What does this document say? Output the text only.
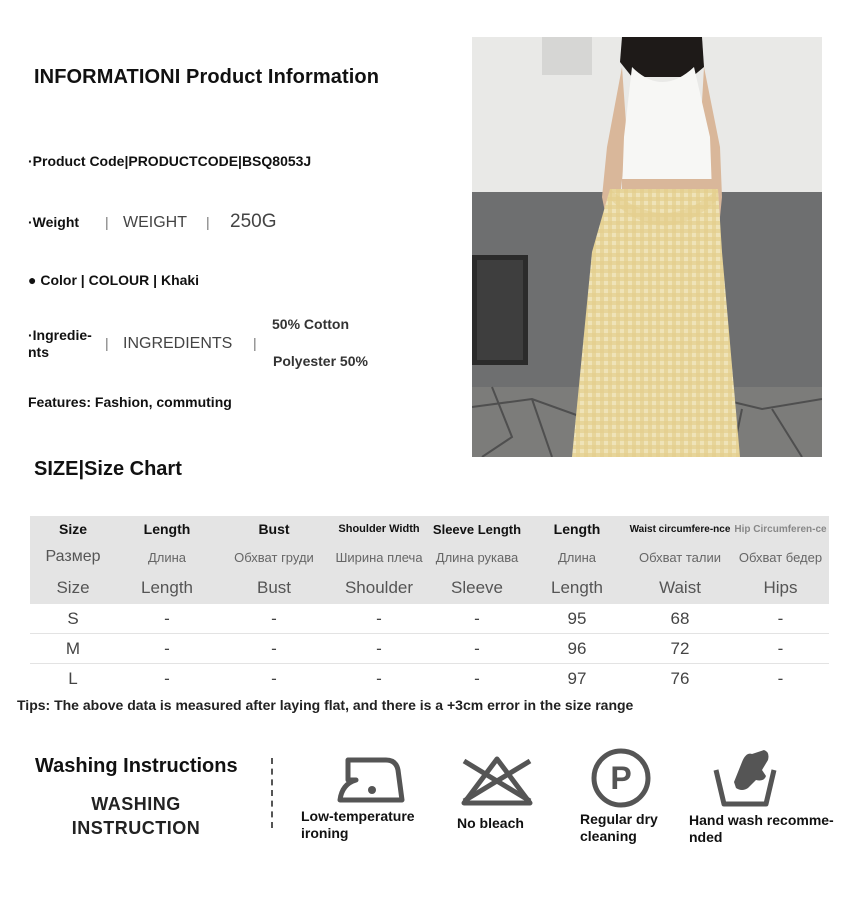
INFORMATIONI Product Information
·Product Code|PRODUCTCODE|BSQ8053J
·Weight | WEIGHT | 250G
● Color | COLOUR | Khaki
·Ingredie-
nts
| INGREDIENTS |
50% Cotton
Polyester 50%
Features: Fashion, commuting
SIZE|Size Chart
Size	Length	Bust	Shoulder Width	Sleeve Length	Length	Waist circumfere-nce	Hip Circumferen-ce
Размер	Длина	Обхват груди	Ширина плеча	Длина рукава	Длина	Обхват талии	Обхват бедер
Size	Length	Bust	Shoulder	Sleeve	Length	Waist	Hips
S	-	-	-	-	95	68	-
M	-	-	-	-	96	72	-
L	-	-	-	-	97	76	-
Tips: The above data is measured after laying flat, and there is a +3cm error in the size range
Washing Instructions
WASHING
INSTRUCTION
Low-temperature
ironing
No bleach
P
Regular dry
cleaning
Hand wash recomme-
nded
